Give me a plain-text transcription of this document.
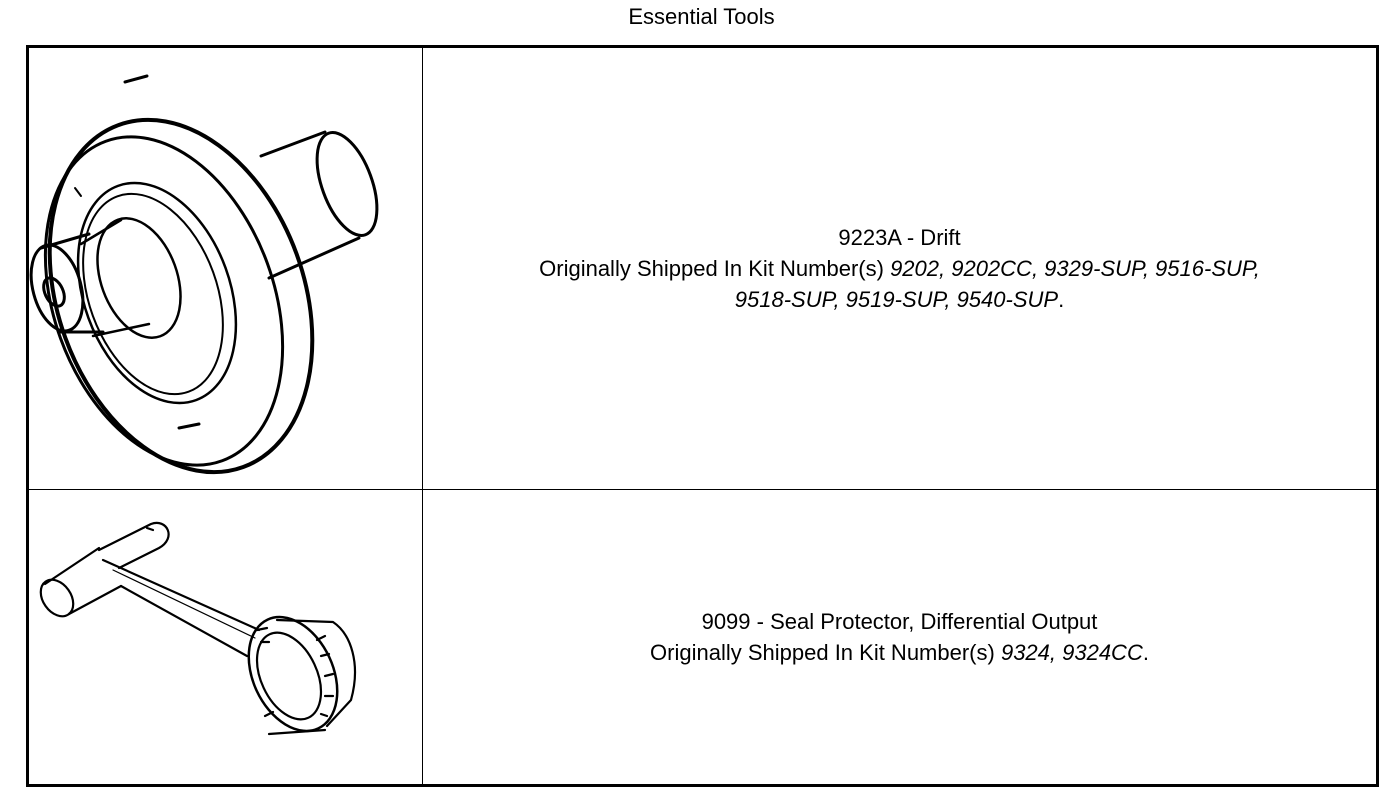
Essential Tools
9223A - Drift
Originally Shipped In Kit Number(s) 9202, 9202CC, 9329-SUP, 9516-SUP,
9518-SUP, 9519-SUP, 9540-SUP.
9099 - Seal Protector, Differential Output
Originally Shipped In Kit Number(s) 9324, 9324CC.
